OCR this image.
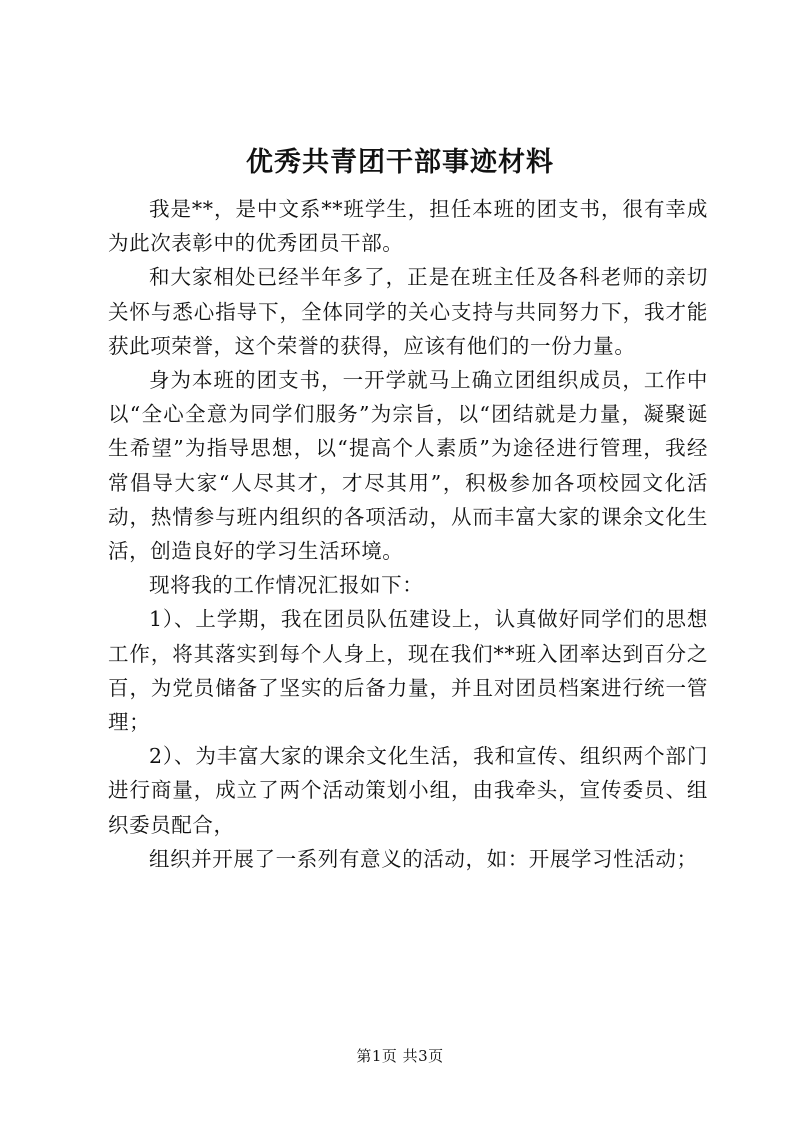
优秀共青团干部事迹材料

我是**，是中文系**班学生，担任本班的团支书，很有幸成为此次表彰中的优秀团员干部。

和大家相处已经半年多了，正是在班主任及各科老师的亲切关怀与悉心指导下，全体同学的关心支持与共同努力下，我才能获此项荣誉，这个荣誉的获得，应该有他们的一份力量。

身为本班的团支书，一开学就马上确立团组织成员，工作中以“全心全意为同学们服务”为宗旨，以“团结就是力量，凝聚诞生希望”为指导思想，以“提高个人素质”为途径进行管理，我经常倡导大家“人尽其才，才尽其用”，积极参加各项校园文化活动，热情参与班内组织的各项活动，从而丰富大家的课余文化生活，创造良好的学习生活环境。

现将我的工作情况汇报如下：

1）、上学期，我在团员队伍建设上，认真做好同学们的思想工作，将其落实到每个人身上，现在我们**班入团率达到百分之百，为党员储备了坚实的后备力量，并且对团员档案进行统一管理；

2）、为丰富大家的课余文化生活，我和宣传、组织两个部门进行商量，成立了两个活动策划小组，由我牵头，宣传委员、组织委员配合，

组织并开展了一系列有意义的活动，如：开展学习性活动；

第1页 共3页
